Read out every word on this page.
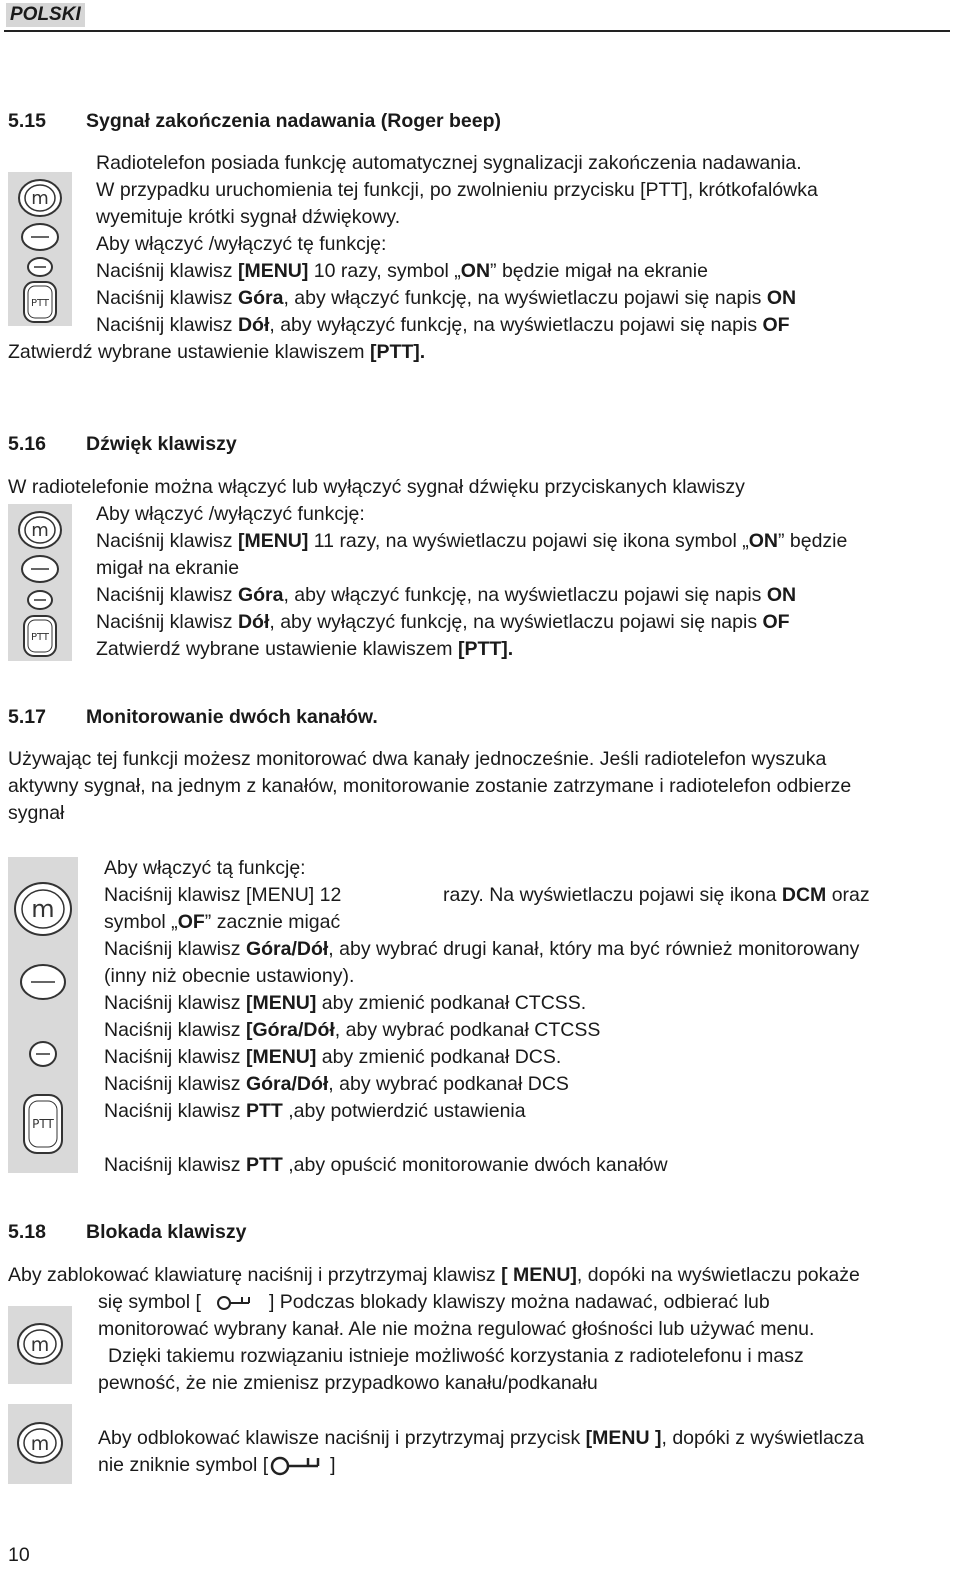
POLSKI
5.15 Sygnał zakończenia nadawania (Roger beep)
m
PTT
Radiotelefon posiada funkcję automatycznej sygnalizacji zakończenia nadawania.
W przypadku uruchomienia tej funkcji, po zwolnieniu przycisku [PTT], krótkofalówka
wyemituje krótki sygnał dźwiękowy.
Aby włączyć /wyłączyć tę funkcję:
Naciśnij klawisz [MENU] 10 razy, symbol „ON” będzie migał na ekranie
Naciśnij klawisz Góra, aby włączyć funkcję, na wyświetlaczu pojawi się napis ON
Naciśnij klawisz Dół, aby wyłączyć funkcję, na wyświetlaczu pojawi się napis OF
Zatwierdź wybrane ustawienie klawiszem [PTT].
5.16 Dźwięk klawiszy
W radiotelefonie można włączyć lub wyłączyć sygnał dźwięku przyciskanych klawiszy
m
PTT
Aby włączyć /wyłączyć funkcję:
Naciśnij klawisz [MENU] 11 razy, na wyświetlaczu pojawi się ikona symbol „ON” będzie
migał na ekranie
Naciśnij klawisz Góra, aby włączyć funkcję, na wyświetlaczu pojawi się napis ON
Naciśnij klawisz Dół, aby wyłączyć funkcję, na wyświetlaczu pojawi się napis OF
Zatwierdź wybrane ustawienie klawiszem [PTT].
5.17 Monitorowanie dwóch kanałów.
Używając tej funkcji możesz monitorować dwa kanały jednocześnie. Jeśli radiotelefon wyszuka
aktywny sygnał, na jednym z kanałów, monitorowanie zostanie zatrzymane i radiotelefon odbierze
sygnał
m
PTT
Aby włączyć tą funkcję:
Naciśnij klawisz [MENU] 12	razy. Na wyświetlaczu pojawi się ikona DCM oraz
symbol „OF” zacznie migać
Naciśnij klawisz Góra/Dół, aby wybrać drugi kanał, który ma być również monitorowany
(inny niż obecnie ustawiony).
Naciśnij klawisz [MENU] aby zmienić podkanał CTCSS.
Naciśnij klawisz [Góra/Dół, aby wybrać podkanał CTCSS
Naciśnij klawisz [MENU] aby zmienić podkanał DCS.
Naciśnij klawisz Góra/Dół, aby wybrać podkanał DCS
Naciśnij klawisz PTT ,aby potwierdzić ustawienia
Naciśnij klawisz PTT ,aby opuścić monitorowanie dwóch kanałów
5.18 Blokada klawiszy
Aby zablokować klawiaturę naciśnij i przytrzymaj klawisz [ MENU], dopóki na wyświetlaczu pokaże
m
się symbol [	] Podczas blokady klawiszy można nadawać, odbierać lub
monitorować wybrany kanał. Ale nie można regulować głośności lub używać menu.
Dzięki takiemu rozwiązaniu istnieje możliwość korzystania z radiotelefonu i masz
pewność, że nie zmienisz przypadkowo kanału/podkanału
m Aby odblokować klawisze naciśnij i przytrzymaj przycisk [MENU ], dopóki z wyświetlacza
nie zniknie symbol [	]
10
